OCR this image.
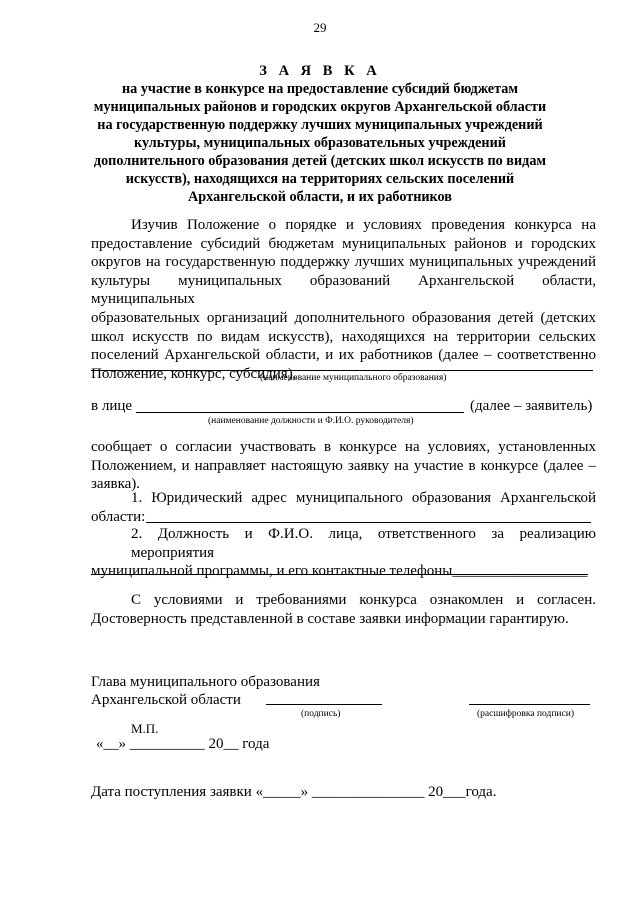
29
З А Я В К А
на участие в конкурсе на предоставление субсидий бюджетам
муниципальных районов и городских округов Архангельской области
на государственную поддержку лучших муниципальных учреждений
культуры, муниципальных образовательных учреждений
дополнительного образования детей (детских школ искусств по видам
искусств), находящихся на территориях сельских поселений
Архангельской области, и их работников
Изучив Положение о порядке и условиях проведения конкурса на
предоставление субсидий бюджетам муниципальных районов и городских
округов на государственную поддержку лучших муниципальных учреждений
культуры муниципальных образований Архангельской области, муниципальных
образовательных организаций дополнительного образования детей (детских
школ искусств по видам искусств), находящихся на территории сельских
поселений Архангельской области, и их работников (далее – соответственно
Положение, конкурс, субсидия),
(наименование муниципального образования)
в лице	(далее – заявитель)
(наименование должности и Ф.И.О. руководителя)
сообщает о согласии участвовать в конкурсе на условиях, установленных
Положением, и направляет настоящую заявку на участие в конкурсе (далее –
заявка).
1. Юридический адрес муниципального образования Архангельской
области:
2. Должность и Ф.И.О. лица, ответственного за реализацию мероприятия
муниципальной программы, и его контактные телефоны__________________
С условиями и требованиями конкурса ознакомлен и согласен.
Достоверность представленной в составе заявки информации гарантирую.
Глава муниципального образования
Архангельской области
(подпись)	(расшифровка подписи)
М.П.
«__» __________ 20__ года
Дата поступления заявки «_____» _______________ 20___года.
